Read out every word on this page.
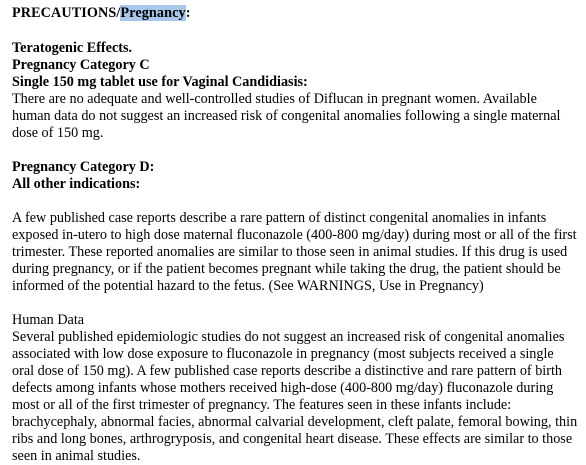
PRECAUTIONS/Pregnancy:
Teratogenic Effects.
Pregnancy Category C
Single 150 mg tablet use for Vaginal Candidiasis:

There are no adequate and well-controlled studies of Diflucan in pregnant women. Available human data do not suggest an increased risk of congenital anomalies following a single maternal dose of 150 mg.

Pregnancy Category D:
All other indications:

A few published case reports describe a rare pattern of distinct congenital anomalies in infants exposed in-utero to high dose maternal fluconazole (400-800 mg/day) during most or all of the first trimester. These reported anomalies are similar to those seen in animal studies. If this drug is used during pregnancy, or if the patient becomes pregnant while taking the drug, the patient should be informed of the potential hazard to the fetus. (See WARNINGS, Use in Pregnancy)

Human Data

Several published epidemiologic studies do not suggest an increased risk of congenital anomalies associated with low dose exposure to fluconazole in pregnancy (most subjects received a single oral dose of 150 mg). A few published case reports describe a distinctive and rare pattern of birth defects among infants whose mothers received high-dose (400-800 mg/day) fluconazole during most or all of the first trimester of pregnancy. The features seen in these infants include: brachycephaly, abnormal facies, abnormal calvarial development, cleft palate, femoral bowing, thin ribs and long bones, arthrogryposis, and congenital heart disease. These effects are similar to those seen in animal studies.
